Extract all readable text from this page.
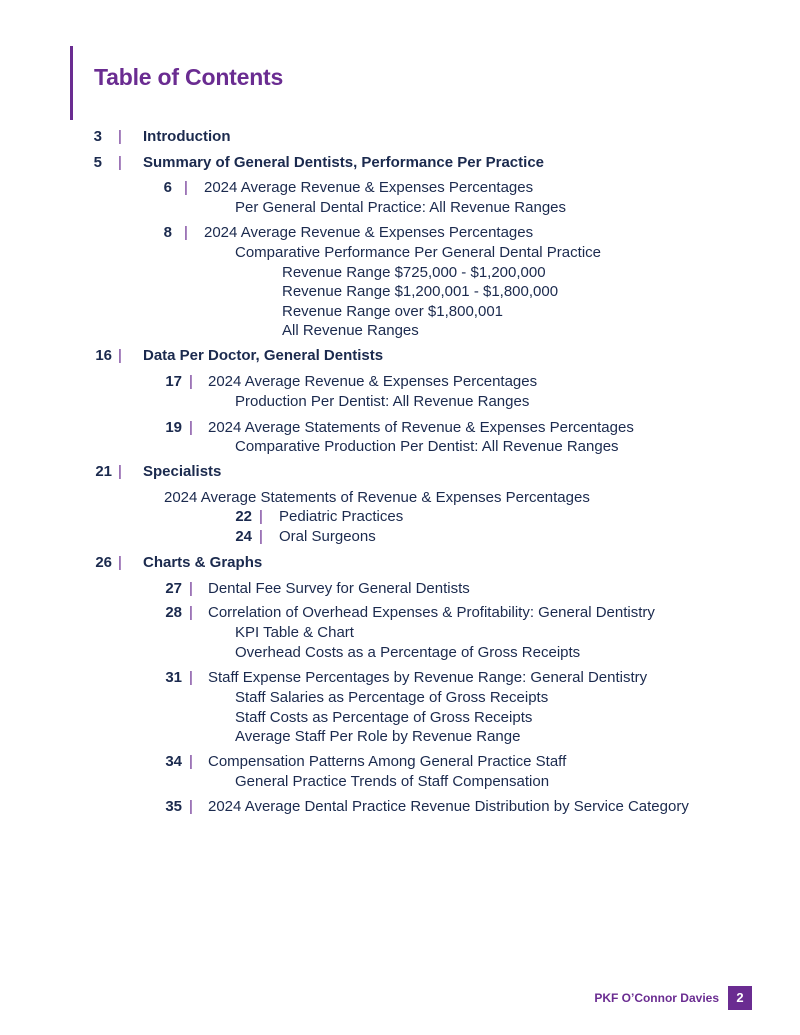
Table of Contents
3 | Introduction
5 | Summary of General Dentists, Performance Per Practice
6 | 2024 Average Revenue & Expenses Percentages
Per General Dental Practice: All Revenue Ranges
8 | 2024 Average Revenue & Expenses Percentages
Comparative Performance Per General Dental Practice
Revenue Range $725,000 - $1,200,000
Revenue Range $1,200,001 - $1,800,000
Revenue Range over $1,800,001
All Revenue Ranges
16 | Data Per Doctor, General Dentists
17 | 2024 Average Revenue & Expenses Percentages
Production Per Dentist: All Revenue Ranges
19 | 2024 Average Statements of Revenue & Expenses Percentages
Comparative Production Per Dentist: All Revenue Ranges
21 | Specialists
2024 Average Statements of Revenue & Expenses Percentages
22 | Pediatric Practices
24 | Oral Surgeons
26 | Charts & Graphs
27 | Dental Fee Survey for General Dentists
28 | Correlation of Overhead Expenses & Profitability: General Dentistry
KPI Table & Chart
Overhead Costs as a Percentage of Gross Receipts
31 | Staff Expense Percentages by Revenue Range: General Dentistry
Staff Salaries as Percentage of Gross Receipts
Staff Costs as Percentage of Gross Receipts
Average Staff Per Role by Revenue Range
34 | Compensation Patterns Among General Practice Staff
General Practice Trends of Staff Compensation
35 | 2024 Average Dental Practice Revenue Distribution by Service Category
PKF O’Connor Davies	2
